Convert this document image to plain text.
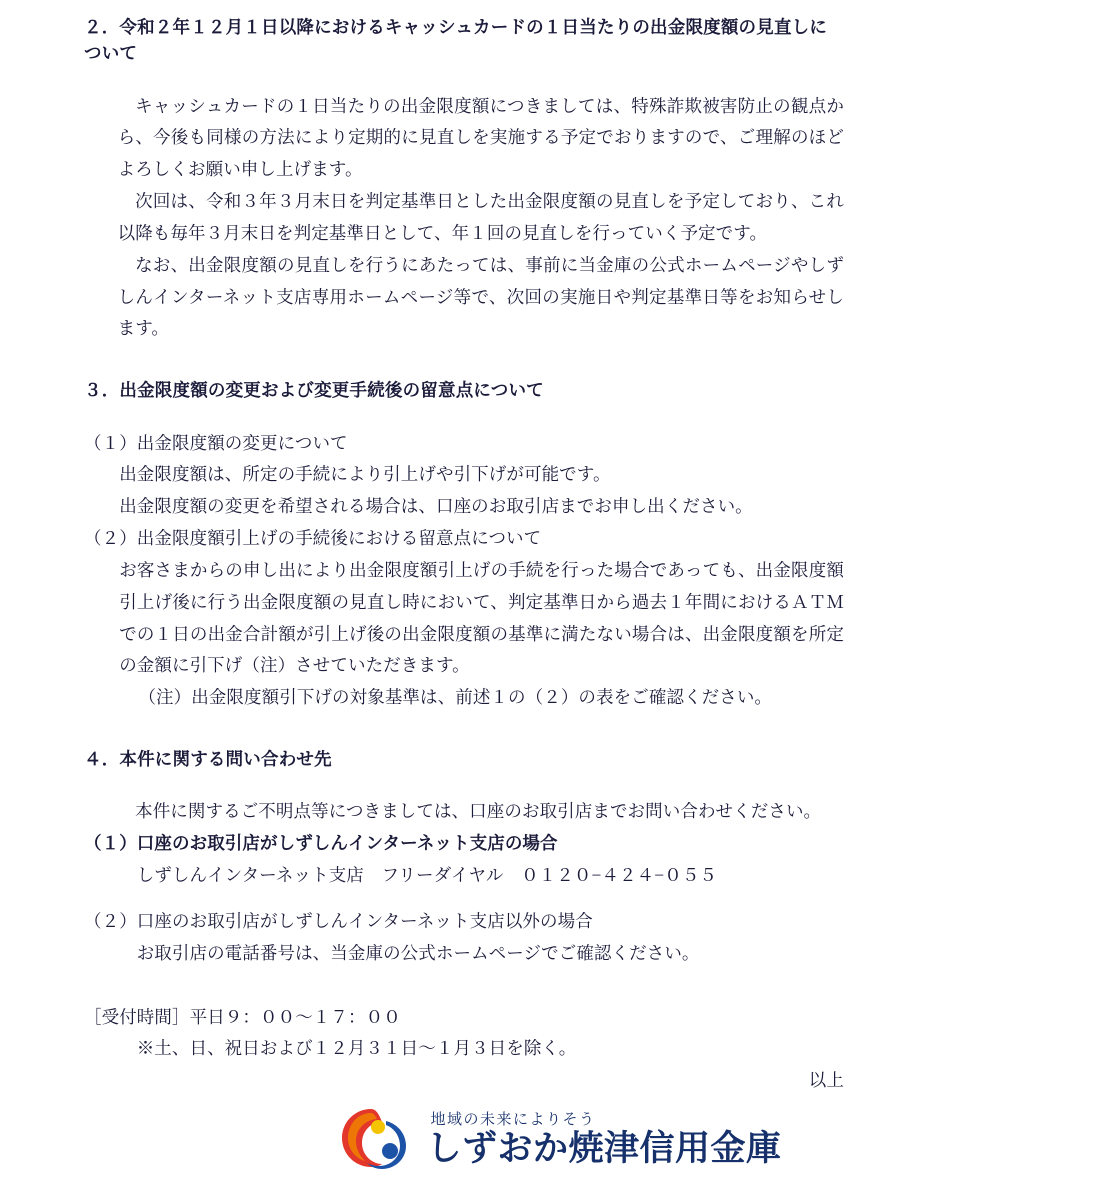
２．令和２年１２月１日以降におけるキャッシュカードの１日当たりの出金限度額の見直しについて

キャッシュカードの１日当たりの出金限度額につきましては、特殊詐欺被害防止の観点から、今後も同様の方法により定期的に見直しを実施する予定でおりますので、ご理解のほどよろしくお願い申し上げます。

次回は、令和３年３月末日を判定基準日とした出金限度額の見直しを予定しており、これ以降も毎年３月末日を判定基準日として、年１回の見直しを行っていく予定です。

なお、出金限度額の見直しを行うにあたっては、事前に当金庫の公式ホームページやしずしんインターネット支店専用ホームページ等で、次回の実施日や判定基準日等をお知らせします。

３．出金限度額の変更および変更手続後の留意点について

（１）出金限度額の変更について

出金限度額は、所定の手続により引上げや引下げが可能です。

出金限度額の変更を希望される場合は、口座のお取引店までお申し出ください。

（２）出金限度額引上げの手続後における留意点について

お客さまからの申し出により出金限度額引上げの手続を行った場合であっても、出金限度額引上げ後に行う出金限度額の見直し時において、判定基準日から過去１年間におけるＡＴＭでの１日の出金合計額が引上げ後の出金限度額の基準に満たない場合は、出金限度額を所定の金額に引下げ（注）させていただきます。

（注）出金限度額引下げの対象基準は、前述１の（２）の表をご確認ください。

４．本件に関する問い合わせ先

本件に関するご不明点等につきましては、口座のお取引店までお問い合わせください。

（１）口座のお取引店がしずしんインターネット支店の場合

しずしんインターネット支店　フリーダイヤル　０１２０−４２４−０５５

（２）口座のお取引店がしずしんインターネット支店以外の場合

お取引店の電話番号は、当金庫の公式ホームページでご確認ください。

［受付時間］平日９：００〜１７：００

※土、日、祝日および１２月３１日〜１月３日を除く。

以上

地域の未来によりそう
しずおか焼津信用金庫
